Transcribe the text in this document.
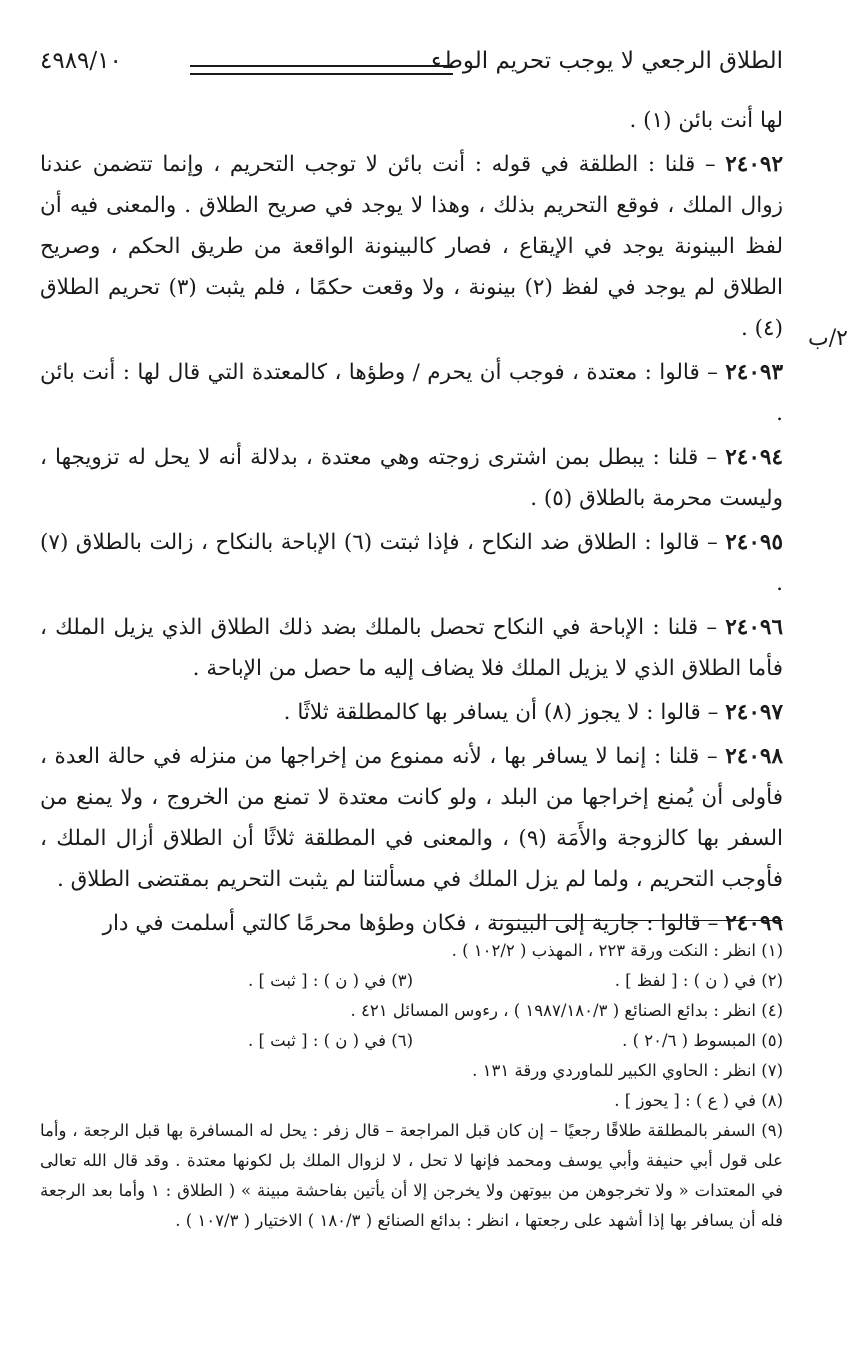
الطلاق الرجعي لا يوجب تحريم الوطء
٤٩٨٩/١٠
٢/ب

لها أنت بائن (١) .

٢٤٠٩٢ – قلنا : الطلقة في قوله : أنت بائن لا توجب التحريم ، وإنما تتضمن عندنا زوال الملك ، فوقع التحريم بذلك ، وهذا لا يوجد في صريح الطلاق . والمعنى فيه أن لفظ البينونة يوجد في الإيقاع ، فصار كالبينونة الواقعة من طريق الحكم ، وصريح الطلاق لم يوجد في لفظ (٢) بينونة ، ولا وقعت حكمًا ، فلم يثبت (٣) تحريم الطلاق (٤) .

٢٤٠٩٣ – قالوا : معتدة ، فوجب أن يحرم / وطؤها ، كالمعتدة التي قال لها : أنت بائن .

٢٤٠٩٤ – قلنا : يبطل بمن اشترى زوجته وهي معتدة ، بدلالة أنه لا يحل له تزويجها ، وليست محرمة بالطلاق (٥) .

٢٤٠٩٥ – قالوا : الطلاق ضد النكاح ، فإذا ثبتت (٦) الإباحة بالنكاح ، زالت بالطلاق (٧) .

٢٤٠٩٦ – قلنا : الإباحة في النكاح تحصل بالملك بضد ذلك الطلاق الذي يزيل الملك ، فأما الطلاق الذي لا يزيل الملك فلا يضاف إليه ما حصل من الإباحة .

٢٤٠٩٧ – قالوا : لا يجوز (٨) أن يسافر بها كالمطلقة ثلاثًا .

٢٤٠٩٨ – قلنا : إنما لا يسافر بها ، لأنه ممنوع من إخراجها من منزله في حالة العدة ، فأولى أن يُمنع إخراجها من البلد ، ولو كانت معتدة لا تمنع من الخروج ، ولا يمنع من السفر بها كالزوجة والأَمَة (٩) ، والمعنى في المطلقة ثلاثًا أن الطلاق أزال الملك ، فأوجب التحريم ، ولما لم يزل الملك في مسألتنا لم يثبت التحريم بمقتضى الطلاق .

٢٤٠٩٩ – قالوا : جارية إلى البينونة ، فكان وطؤها محرمًا كالتي أسلمت في دار

(١) انظر : النكت ورقة ٢٢٣ ، المهذب ( ١٠٢/٢ ) .
(٢) في ( ن ) : [ لفظ ] .
(٣) في ( ن ) : [ ثبت ] .
(٤) انظر : بدائع الصنائع ( ١٩٨٧/١٨٠/٣ ) ، رءوس المسائل ٤٢١ .
(٥) المبسوط ( ٢٠/٦ ) .
(٦) في ( ن ) : [ ثبت ] .
(٧) انظر : الحاوي الكبير للماوردي ورقة ١٣١ .
(٨) في ( ع ) : [ يحوز ] .
(٩) السفر بالمطلقة طلاقًا رجعيًا – إن كان قبل المراجعة – قال زفر : يحل له المسافرة بها قبل الرجعة ، وأما على قول أبي حنيفة وأبي يوسف ومحمد فإنها لا تحل ، لا لزوال الملك بل لكونها معتدة . وقد قال الله تعالى في المعتدات « ولا تخرجوهن من بيوتهن ولا يخرجن إلا أن يأتين بفاحشة مبينة » ( الطلاق : ١ وأما بعد الرجعة فله أن يسافر بها إذا أشهد على رجعتها ، انظر : بدائع الصنائع ( ١٨٠/٣ ) الاختيار ( ١٠٧/٣ ) .
